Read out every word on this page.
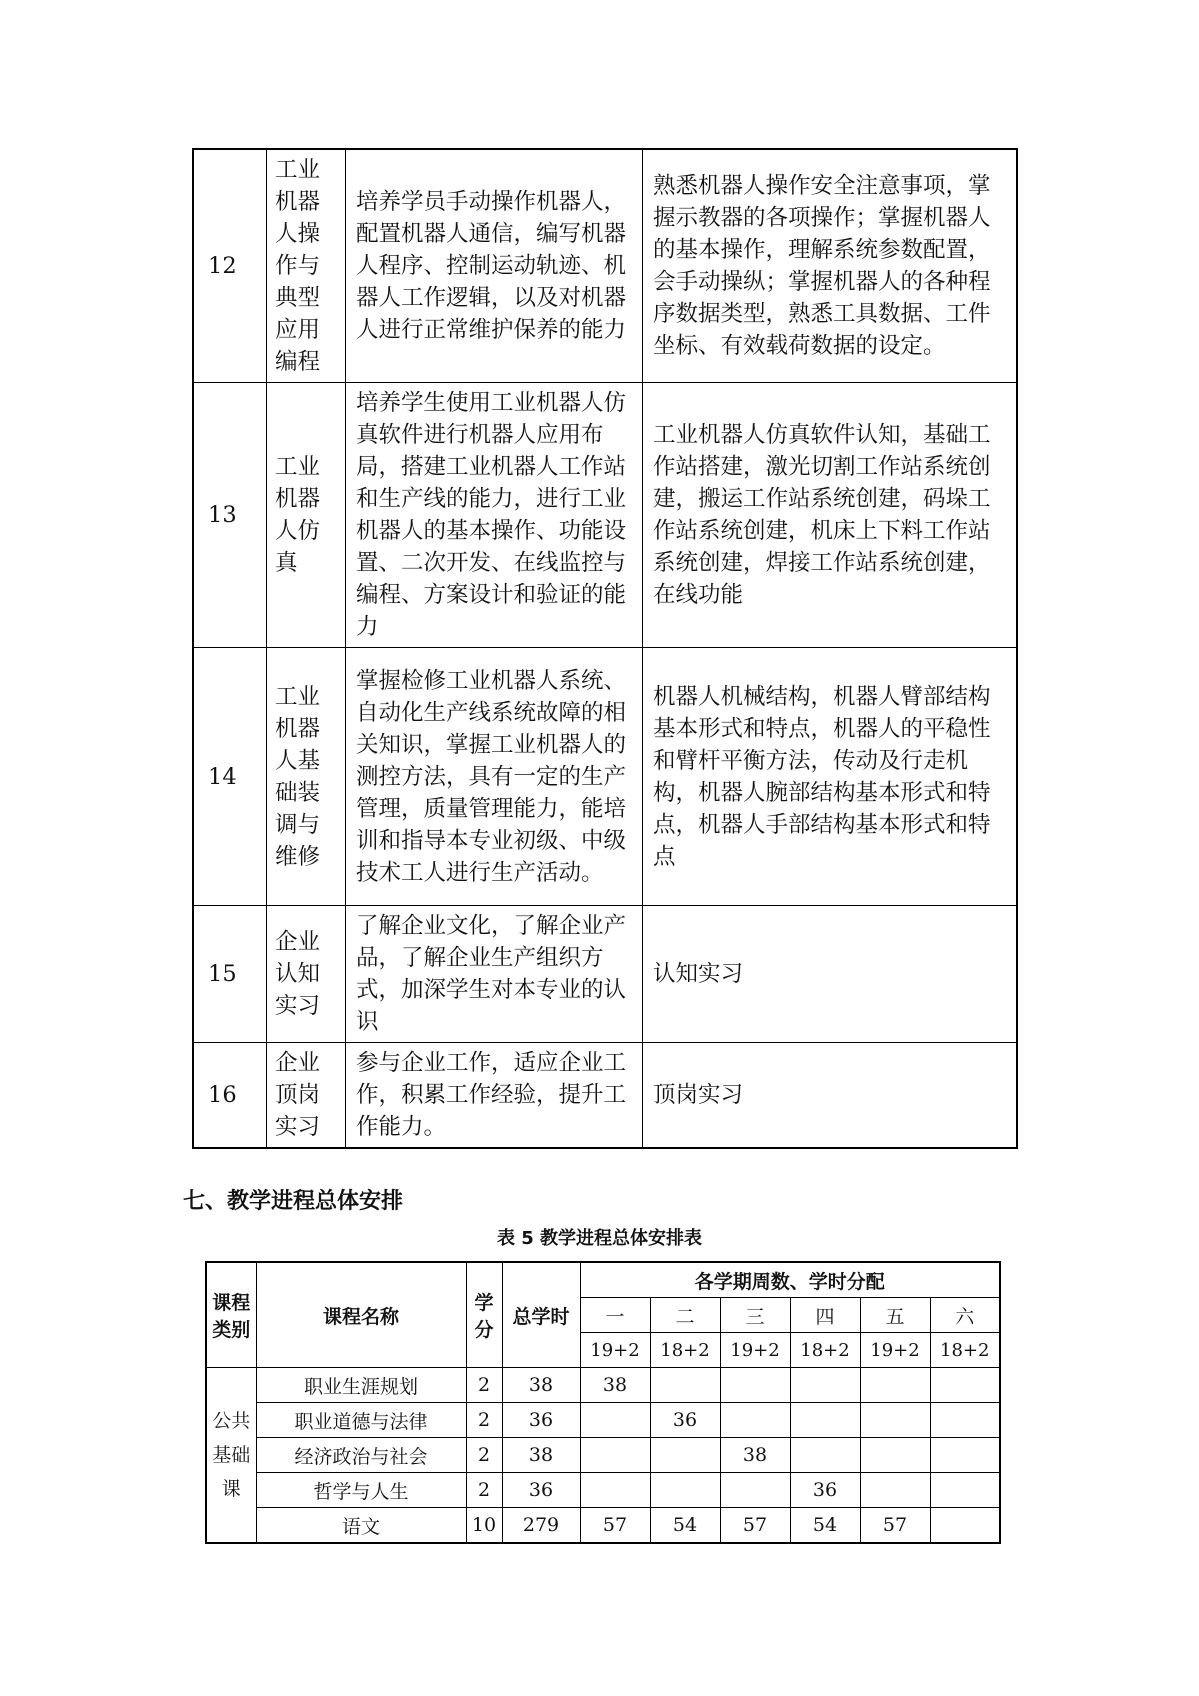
12	工业机器人操作与典型应用编程	培养学员手动操作机器人，配置机器人通信，编写机器人程序、控制运动轨迹、机器人工作逻辑，以及对机器人进行正常维护保养的能力	熟悉机器人操作安全注意事项，掌握示教器的各项操作；掌握机器人的基本操作，理解系统参数配置，会手动操纵；掌握机器人的各种程序数据类型，熟悉工具数据、工件坐标、有效载荷数据的设定。
13	工业机器人仿真	培养学生使用工业机器人仿真软件进行机器人应用布局，搭建工业机器人工作站和生产线的能力，进行工业机器人的基本操作、功能设置、二次开发、在线监控与编程、方案设计和验证的能力	工业机器人仿真软件认知，基础工作站搭建，激光切割工作站系统创建，搬运工作站系统创建，码垛工作站系统创建，机床上下料工作站系统创建，焊接工作站系统创建，在线功能
14	工业机器人基础装调与维修	掌握检修工业机器人系统、自动化生产线系统故障的相关知识，掌握工业机器人的测控方法，具有一定的生产管理，质量管理能力，能培训和指导本专业初级、中级技术工人进行生产活动。	机器人机械结构，机器人臂部结构基本形式和特点，机器人的平稳性和臂杆平衡方法，传动及行走机构，机器人腕部结构基本形式和特点，机器人手部结构基本形式和特点
15	企业认知实习	了解企业文化，了解企业产品，了解企业生产组织方式，加深学生对本专业的认识	认知实习
16	企业顶岗实习	参与企业工作，适应企业工作，积累工作经验，提升工作能力。	顶岗实习
七、教学进程总体安排

表 5 教学进程总体安排表

课程类别	课程名称	学分	总学时	各学期周数、学时分配					
				一	二	三	四	五	六
				19+2	18+2	19+2	18+2	19+2	18+2

公共
基础
课	职业生涯规划	2	38	38					
	职业道德与法律	2	36		36				
	经济政治与社会	2	38			38			
	哲学与人生	2	36				36		
	语文	10	279	57	54	57	54	57	
